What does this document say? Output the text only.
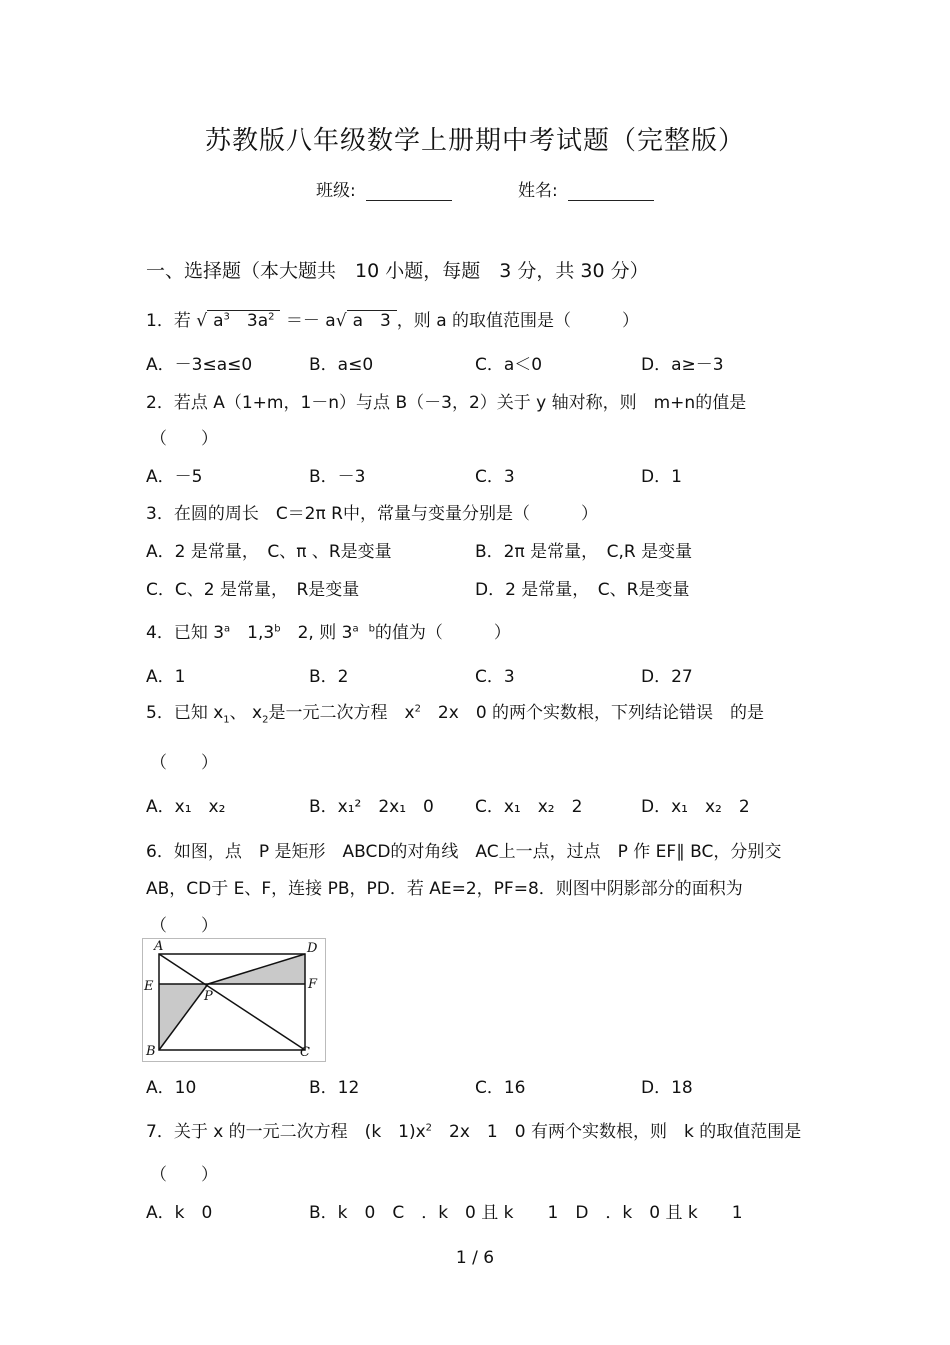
苏教版八年级数学上册期中考试题（完整版）
班级:	姓名:
一、选择题（本大题共　10 小题，每题　3 分，共 30 分）
1．若 √ $a^3$　 $3a^2 =- a√$ a　3 ，则 a 的取值范围是（　　　）
A．－3≤a≤0	B．a≤0	C．a＜0	D．a≥－3
2．若点 A（1+m，1－n）与点 B（－3，2）关于 y 轴对称，则　m+n的值是
（　　）
A．－5	B．－3	C．3	D．1
3．在圆的周长　C＝2π R中，常量与变量分别是（　　　）
A．2 是常量，　C、π 、R是变量	B．2π 是常量，　C,R 是变量
C．C、2 是常量，　R是变量	D．2 是常量，　C、R是变量
4．已知 3$^a$　1,3$^b$　2, 则 $3^{a b}$的值为（　　　）
A．1	B．2	C．3	D．27
5．已知 $x_1$、 $x_2$是一元二次方程　$x^2$　2x　0 的两个实数根，下列结论错误　 的是
（　　）
A．x₁　x₂	B．x₁²　2x₁　0 C．x₁　x₂　2	D．x₁　x₂　2
6．如图，点　P 是矩形　ABCD的对角线　AC上一点，过点　P 作 EF∥ BC，分别交
AB，CD于 E、F，连接 PB，PD．若 AE=2，PF=8．则图中阴影部分的面积为
（　　）
A	D
E	F
P
B	C
A．10	B．12	C．16	D．18
7．关于 x 的一元二次方程　(k　$1)x^2$　2x　1　0 有两个实数根，则　k 的取值范围是
（　　）
A．k　0	B．k　0　C　．k　0 且 k　　1　D　．k　0 且 k　　1
1 / 6
